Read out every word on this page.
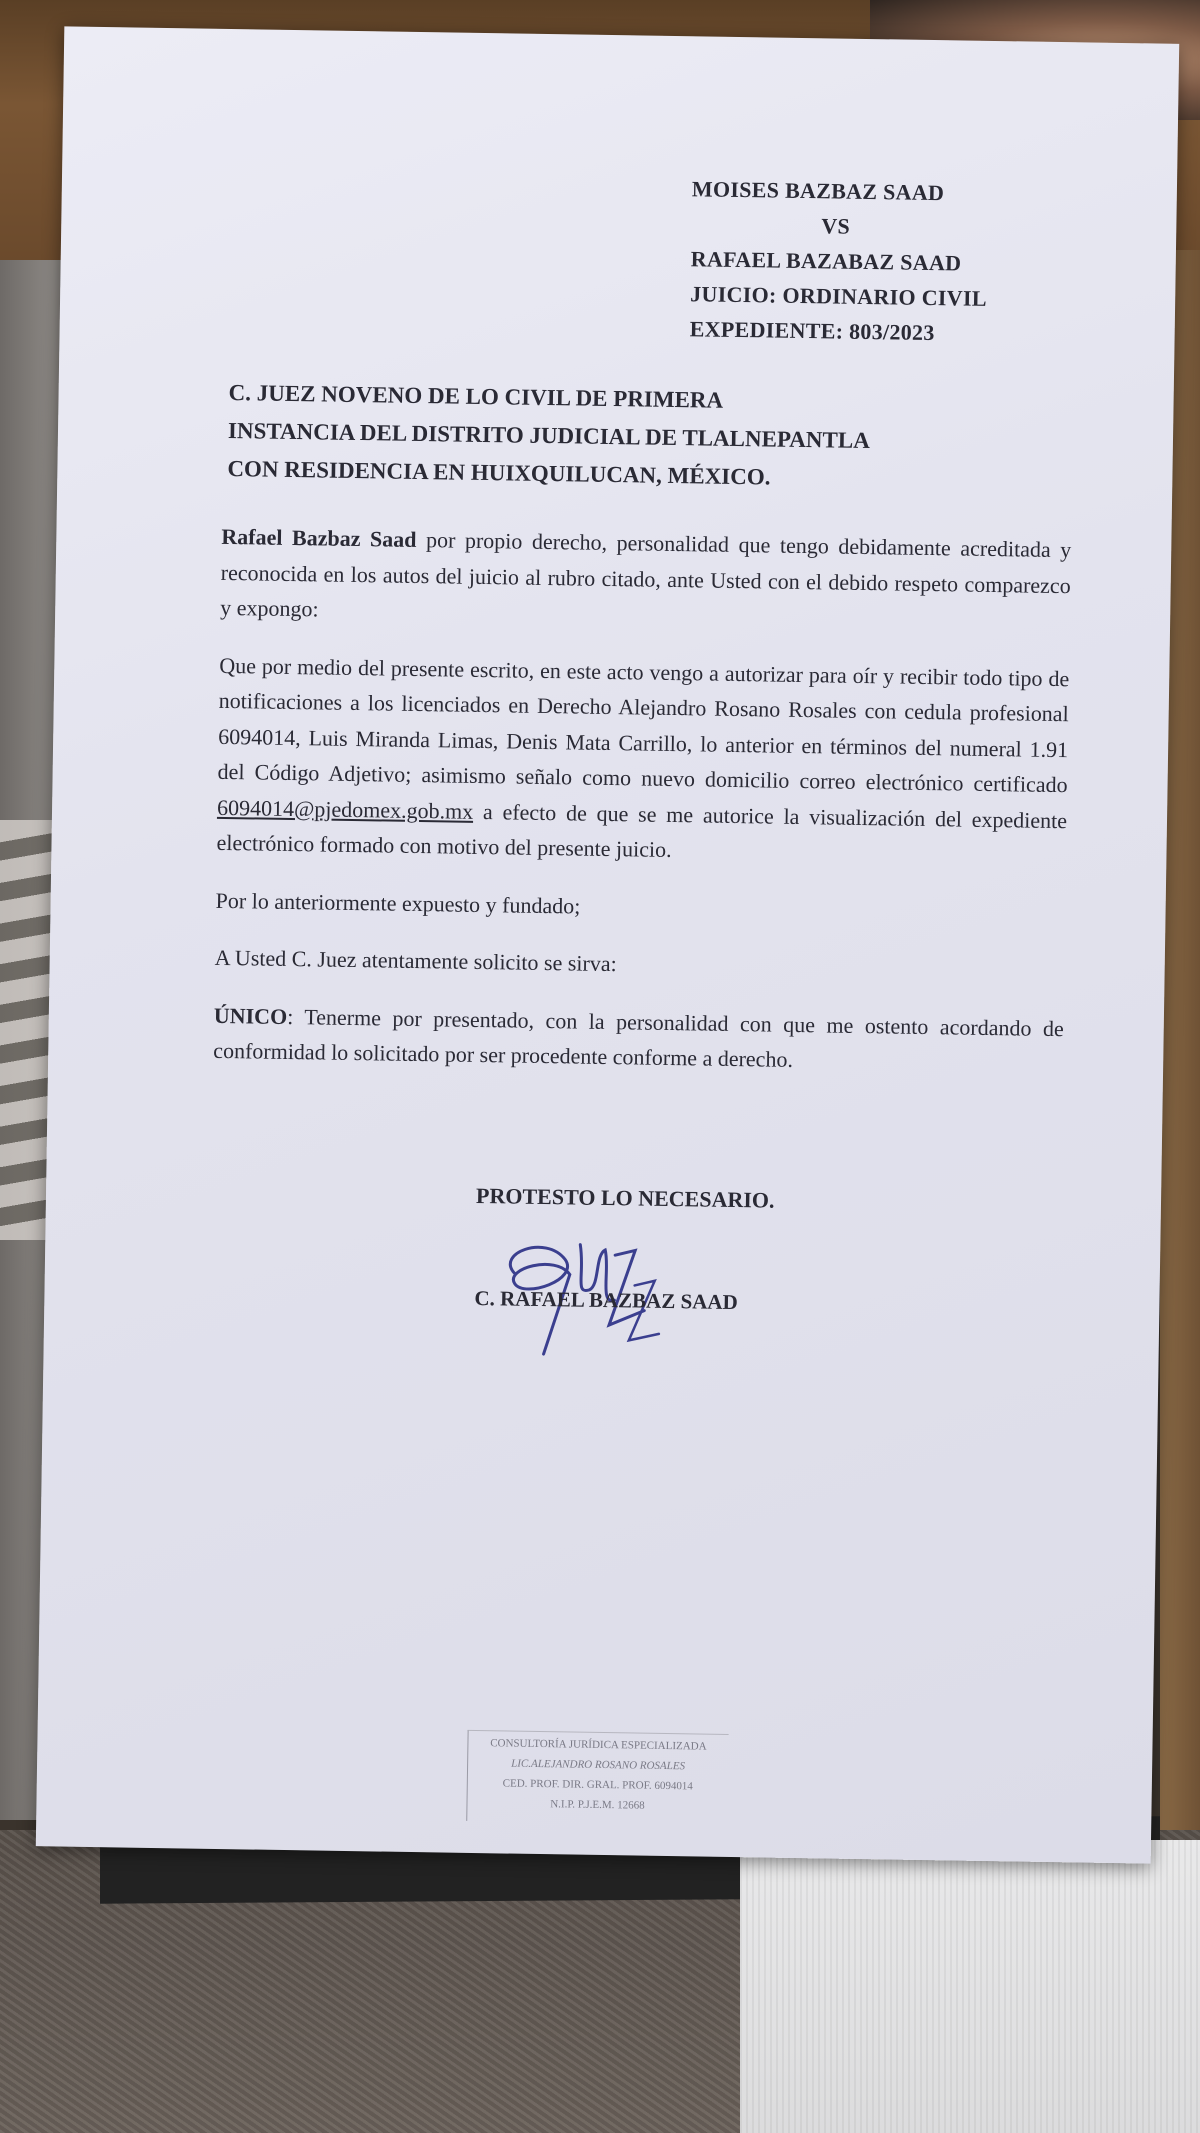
MOISES BAZBAZ SAAD
VS
RAFAEL BAZABAZ SAAD
JUICIO: ORDINARIO CIVIL
EXPEDIENTE: 803/2023
C. JUEZ NOVENO DE LO CIVIL DE PRIMERA
INSTANCIA DEL DISTRITO JUDICIAL DE TLALNEPANTLA
CON RESIDENCIA EN HUIXQUILUCAN, MÉXICO.

Rafael Bazbaz Saad por propio derecho, personalidad que tengo debidamente acreditada y reconocida en los autos del juicio al rubro citado, ante Usted con el debido respeto comparezco y expongo:

Que por medio del presente escrito, en este acto vengo a autorizar para oír y recibir todo tipo de notificaciones a los licenciados en Derecho Alejandro Rosano Rosales con cedula profesional 6094014, Luis Miranda Limas, Denis Mata Carrillo, lo anterior en términos del numeral 1.91 del Código Adjetivo; asimismo señalo como nuevo domicilio correo electrónico certificado 6094014@pjedomex.gob.mx a efecto de que se me autorice la visualización del expediente electrónico formado con motivo del presente juicio.

Por lo anteriormente expuesto y fundado;

A Usted C. Juez atentamente solicito se sirva:

ÚNICO: Tenerme por presentado, con la personalidad con que me ostento acordando de conformidad lo solicitado por ser procedente conforme a derecho.

PROTESTO LO NECESARIO.
C. RAFAEL BAZBAZ SAAD
CONSULTORÍA JURÍDICA ESPECIALIZADA
LIC.ALEJANDRO ROSANO ROSALES
CED. PROF. DIR. GRAL. PROF. 6094014
N.I.P. P.J.E.M. 12668
